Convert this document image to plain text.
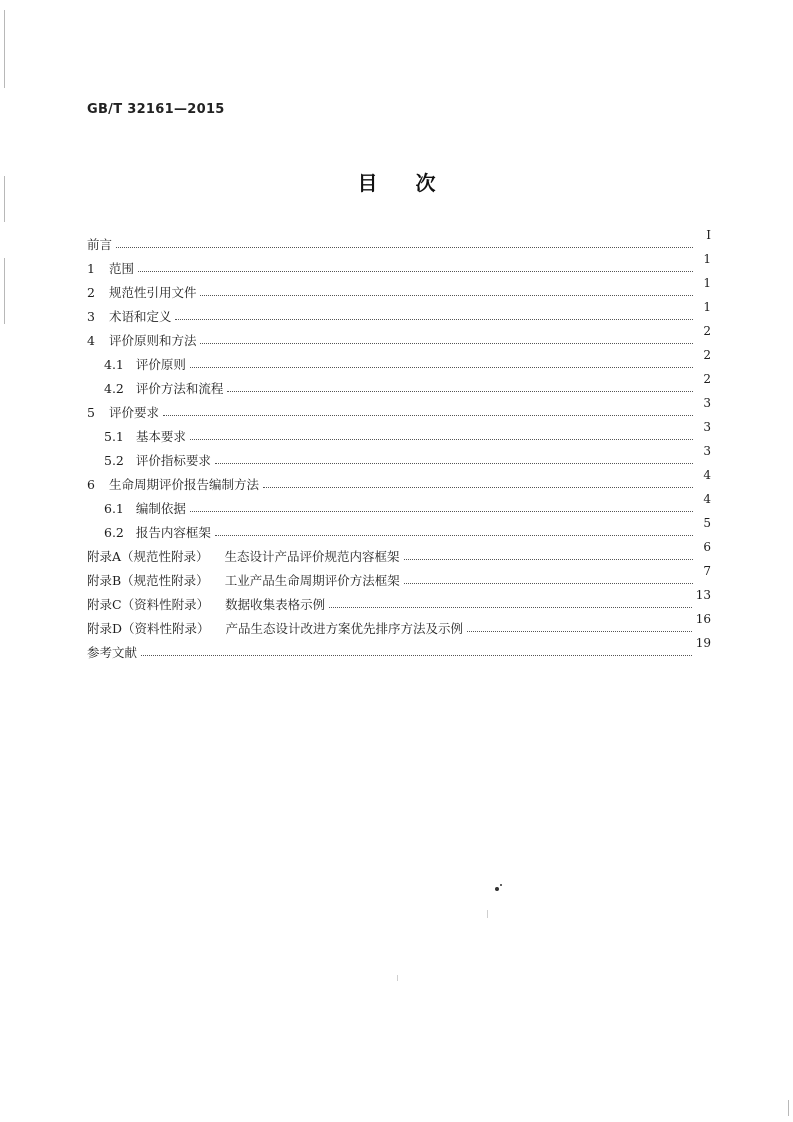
GB/T 32161—2015
目次
前言
Ⅰ
1 范围
1
2 规范性引用文件
1
3 术语和定义
1
4 评价原则和方法
2
4.1 评价原则
2
4.2 评价方法和流程
2
5 评价要求
3
5.1 基本要求
3
5.2 评价指标要求
3
6 生命周期评价报告编制方法
4
6.1 编制依据
4
6.2 报告内容框架
5
附录A（规范性附录） 生态设计产品评价规范内容框架
6
附录B（规范性附录） 工业产品生命周期评价方法框架
7
附录C（资料性附录） 数据收集表格示例
13
附录D（资料性附录） 产品生态设计改进方案优先排序方法及示例
16
参考文献
19
